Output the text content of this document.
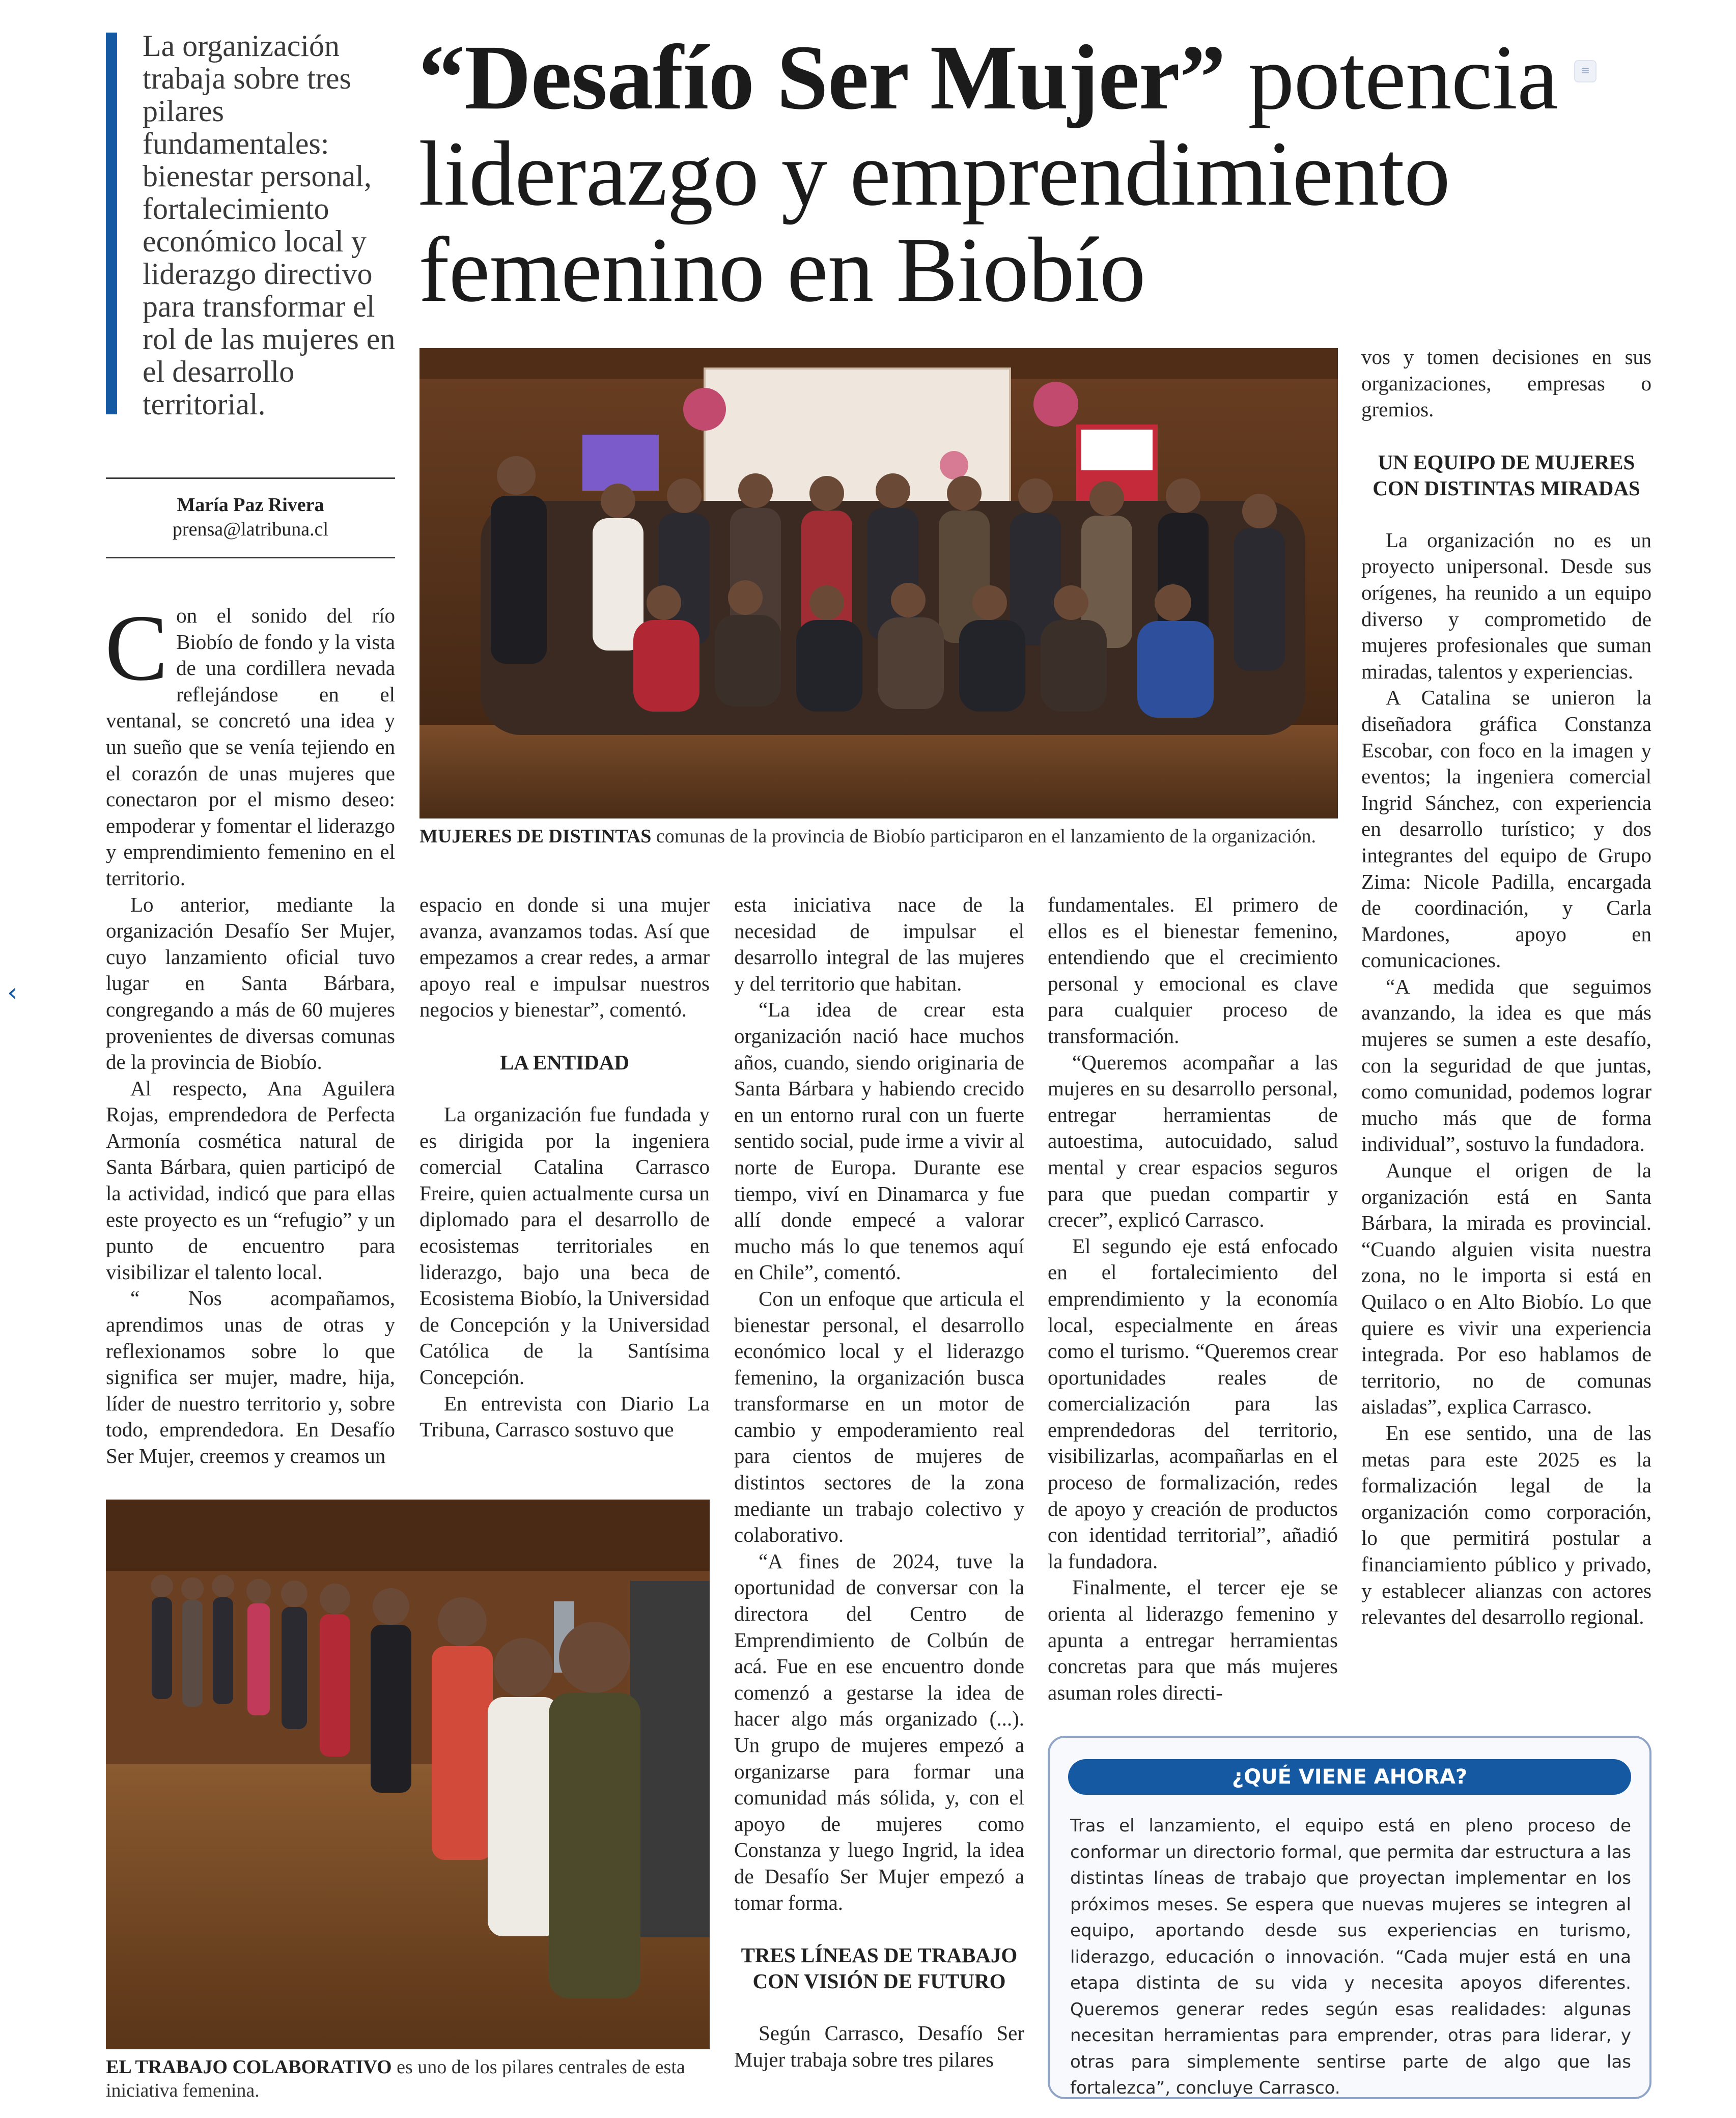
‹

La organización trabaja sobre tres pilares fundamentales: bienestar personal, fortalecimiento económico local y liderazgo directivo para transformar el rol de las mujeres en el desarrollo territorial.

“Desafío Ser Mujer” potencia liderazgo y emprendimiento femenino en Biobío
≡
María Paz Rivera
prensa@latribuna.cl

MUJERES DE DISTINTAS comunas de la provincia de Biobío participaron en el lanzamiento de la organización.

EL TRABAJO COLABORATIVO es uno de los pilares centrales de esta iniciativa femenina.

Con el sonido del río Biobío de fondo y la vista de una cordillera nevada reflejándose en el ventanal, se concretó una idea y un sueño que se venía tejiendo en el corazón de unas mujeres que conectaron por el mismo deseo: empoderar y fomentar el liderazgo y emprendimiento femenino en el territorio.

Lo anterior, mediante la organización Desafío Ser Mujer, cuyo lanzamiento oficial tuvo lugar en Santa Bárbara, congregando a más de 60 mujeres provenientes de diversas comunas de la provincia de Biobío.

Al respecto, Ana Aguilera Rojas, emprendedora de Perfecta Armonía cosmética natural de Santa Bárbara, quien participó de la actividad, indicó que para ellas este proyecto es un “refugio” y un punto de encuentro para visibilizar el talento local.

“ Nos acompañamos, aprendimos unas de otras y reflexionamos sobre lo que significa ser mujer, madre, hija, líder de nuestro territorio y, sobre todo, emprendedora. En Desafío Ser Mujer, creemos y creamos un

espacio en donde si una mujer avanza, avanzamos todas. Así que empezamos a crear redes, a armar apoyo real e impulsar nuestros negocios y bienestar”, comentó.

LA ENTIDAD

La organización fue fundada y es dirigida por la ingeniera comercial Catalina Carrasco Freire, quien actualmente cursa un diplomado para el desarrollo de ecosistemas territoriales en liderazgo, bajo una beca de Ecosistema Biobío, la Universidad de Concepción y la Universidad Católica de la Santísima Concepción.

En entrevista con Diario La Tribuna, Carrasco sostuvo que

esta iniciativa nace de la necesidad de impulsar el desarrollo integral de las mujeres y del territorio que habitan.

“La idea de crear esta organización nació hace muchos años, cuando, siendo originaria de Santa Bárbara y habiendo crecido en un entorno rural con un fuerte sentido social, pude irme a vivir al norte de Europa. Durante ese tiempo, viví en Dinamarca y fue allí donde empecé a valorar mucho más lo que tenemos aquí en Chile”, comentó.

Con un enfoque que articula el bienestar personal, el desarrollo económico local y el liderazgo femenino, la organización busca transformarse en un motor de cambio y empoderamiento real para cientos de mujeres de distintos sectores de la zona mediante un trabajo colectivo y colaborativo.

“A fines de 2024, tuve la oportunidad de conversar con la directora del Centro de Emprendimiento de Colbún de acá. Fue en ese encuentro donde comenzó a gestarse la idea de hacer algo más organizado (...). Un grupo de mujeres empezó a organizarse para formar una comunidad más sólida, y, con el apoyo de mujeres como Constanza y luego Ingrid, la idea de Desafío Ser Mujer empezó a tomar forma.

TRES LÍNEAS DE TRABAJO CON VISIÓN DE FUTURO

Según Carrasco, Desafío Ser Mujer trabaja sobre tres pilares

fundamentales. El primero de ellos es el bienestar femenino, entendiendo que el crecimiento personal y emocional es clave para cualquier proceso de transformación.

“Queremos acompañar a las mujeres en su desarrollo personal, entregar herramientas de autoestima, autocuidado, salud mental y crear espacios seguros para que puedan compartir y crecer”, explicó Carrasco.

El segundo eje está enfocado en el fortalecimiento del emprendimiento y la economía local, especialmente en áreas como el turismo. “Queremos crear oportunidades reales de comercialización para las emprendedoras del territorio, visibilizarlas, acompañarlas en el proceso de formalización, redes de apoyo y creación de productos con identidad territorial”, añadió la fundadora.

Finalmente, el tercer eje se orienta al liderazgo femenino y apunta a entregar herramientas concretas para que más mujeres asuman roles directi-

vos y tomen decisiones en sus organizaciones, empresas o gremios.

UN EQUIPO DE MUJERES CON DISTINTAS MIRADAS

La organización no es un proyecto unipersonal. Desde sus orígenes, ha reunido a un equipo diverso y comprometido de mujeres profesionales que suman miradas, talentos y experiencias.

A Catalina se unieron la diseñadora gráfica Constanza Escobar, con foco en la imagen y eventos; la ingeniera comercial Ingrid Sánchez, con experiencia en desarrollo turístico; y dos integrantes del equipo de Grupo Zima: Nicole Padilla, encargada de coordinación, y Carla Mardones, apoyo en comunicaciones.

“A medida que seguimos avanzando, la idea es que más mujeres se sumen a este desafío, con la seguridad de que juntas, como comunidad, podemos lograr mucho más que de forma individual”, sostuvo la fundadora.

Aunque el origen de la organización está en Santa Bárbara, la mirada es provincial. “Cuando alguien visita nuestra zona, no le importa si está en Quilaco o en Alto Biobío. Lo que quiere es vivir una experiencia integrada. Por eso hablamos de territorio, no de comunas aisladas”, explica Carrasco.

En ese sentido, una de las metas para este 2025 es la formalización legal de la organización como corporación, lo que permitirá postular a financiamiento público y privado, y establecer alianzas con actores relevantes del desarrollo regional.

¿QUÉ VIENE AHORA?

Tras el lanzamiento, el equipo está en pleno proceso de conformar un directorio formal, que permita dar estructura a las distintas líneas de trabajo que proyectan implementar en los próximos meses. Se espera que nuevas mujeres se integren al equipo, aportando desde sus experiencias en turismo, liderazgo, educación o innovación. “Cada mujer está en una etapa distinta de su vida y necesita apoyos diferentes. Queremos generar redes según esas realidades: algunas necesitan herramientas para emprender, otras para liderar, y otras para simplemente sentirse parte de algo que las fortalezca”, concluye Carrasco.
